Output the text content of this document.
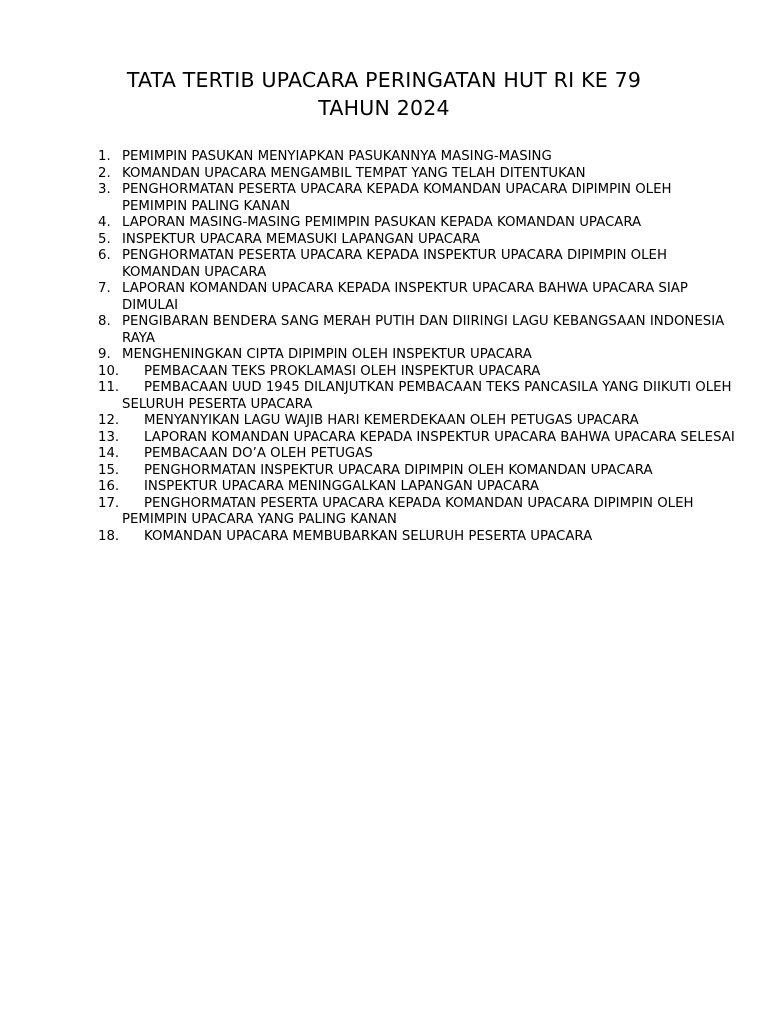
TATA TERTIB UPACARA PERINGATAN HUT RI KE 79
TAHUN 2024
1. PEMIMPIN PASUKAN MENYIAPKAN PASUKANNYA MASING-MASING
2. KOMANDAN UPACARA MENGAMBIL TEMPAT YANG TELAH DITENTUKAN
3. PENGHORMATAN PESERTA UPACARA KEPADA KOMANDAN UPACARA DIPIMPIN OLEH PEMIMPIN PALING KANAN
4. LAPORAN MASING-MASING PEMIMPIN PASUKAN KEPADA KOMANDAN UPACARA
5. INSPEKTUR UPACARA MEMASUKI LAPANGAN UPACARA
6. PENGHORMATAN PESERTA UPACARA KEPADA INSPEKTUR UPACARA DIPIMPIN OLEH KOMANDAN UPACARA
7. LAPORAN KOMANDAN UPACARA KEPADA INSPEKTUR UPACARA BAHWA UPACARA SIAP DIMULAI
8. PENGIBARAN BENDERA SANG MERAH PUTIH DAN DIIRINGI LAGU KEBANGSAAN INDONESIA RAYA
9. MENGHENINGKAN CIPTA DIPIMPIN OLEH INSPEKTUR UPACARA
10.	PEMBACAAN TEKS PROKLAMASI OLEH INSPEKTUR UPACARA
11.	PEMBACAAN UUD 1945 DILANJUTKAN PEMBACAAN TEKS PANCASILA YANG DIIKUTI OLEH SELURUH PESERTA UPACARA
12.	MENYANYIKAN LAGU WAJIB HARI KEMERDEKAAN OLEH PETUGAS UPACARA
13.	LAPORAN KOMANDAN UPACARA KEPADA INSPEKTUR UPACARA BAHWA UPACARA SELESAI
14.	PEMBACAAN DO’A OLEH PETUGAS
15.	PENGHORMATAN INSPEKTUR UPACARA DIPIMPIN OLEH KOMANDAN UPACARA
16.	INSPEKTUR UPACARA MENINGGALKAN LAPANGAN UPACARA
17.	PENGHORMATAN PESERTA UPACARA KEPADA KOMANDAN UPACARA DIPIMPIN OLEH PEMIMPIN UPACARA YANG PALING KANAN
18.	KOMANDAN UPACARA MEMBUBARKAN SELURUH PESERTA UPACARA
